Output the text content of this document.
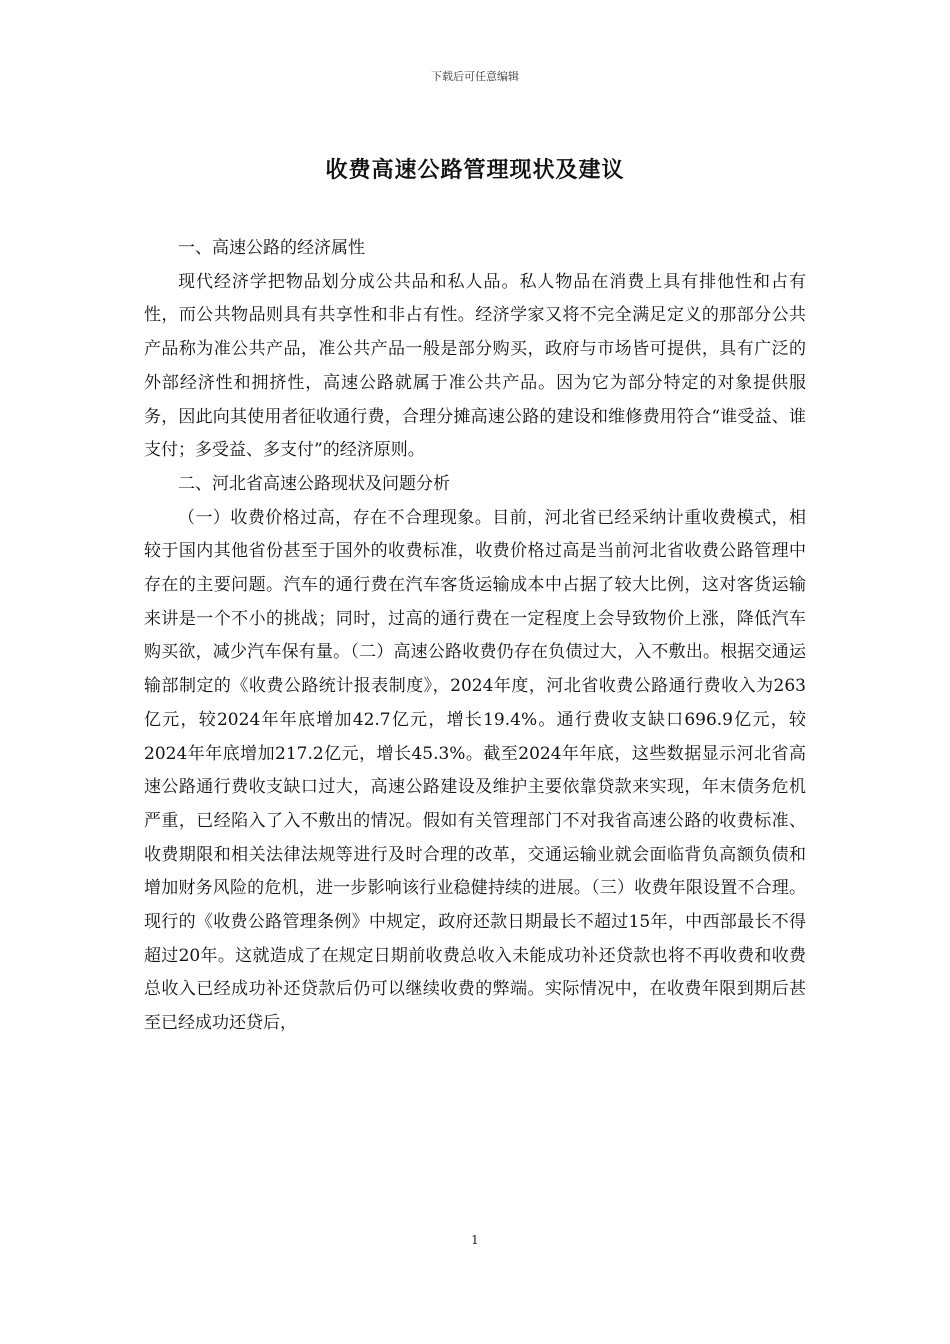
下载后可任意编辑
收费高速公路管理现状及建议

一、高速公路的经济属性

现代经济学把物品划分成公共品和私人品。私人物品在消费上具有排他性和占有性，而公共物品则具有共享性和非占有性。经济学家又将不完全满足定义的那部分公共产品称为准公共产品，准公共产品一般是部分购买，政府与市场皆可提供，具有广泛的外部经济性和拥挤性，高速公路就属于准公共产品。因为它为部分特定的对象提供服务，因此向其使用者征收通行费，合理分摊高速公路的建设和维修费用符合“谁受益、谁支付；多受益、多支付”的经济原则。

二、河北省高速公路现状及问题分析

（一）收费价格过高，存在不合理现象。目前，河北省已经采纳计重收费模式，相较于国内其他省份甚至于国外的收费标准，收费价格过高是当前河北省收费公路管理中存在的主要问题。汽车的通行费在汽车客货运输成本中占据了较大比例，这对客货运输来讲是一个不小的挑战；同时，过高的通行费在一定程度上会导致物价上涨，降低汽车购买欲，减少汽车保有量。（二）高速公路收费仍存在负债过大，入不敷出。根据交通运输部制定的《收费公路统计报表制度》，2024年度，河北省收费公路通行费收入为263亿元，较2024年年底增加42.7亿元，增长19.4%。通行费收支缺口696.9亿元，较2024年年底增加217.2亿元，增长45.3%。截至2024年年底，这些数据显示河北省高速公路通行费收支缺口过大，高速公路建设及维护主要依靠贷款来实现，年末债务危机严重，已经陷入了入不敷出的情况。假如有关管理部门不对我省高速公路的收费标准、收费期限和相关法律法规等进行及时合理的改革，交通运输业就会面临背负高额负债和增加财务风险的危机，进一步影响该行业稳健持续的进展。（三）收费年限设置不合理。现行的《收费公路管理条例》中规定，政府还款日期最长不超过15年，中西部最长不得超过20年。这就造成了在规定日期前收费总收入未能成功补还贷款也将不再收费和收费总收入已经成功补还贷款后仍可以继续收费的弊端。实际情况中，在收费年限到期后甚至已经成功还贷后，

1
